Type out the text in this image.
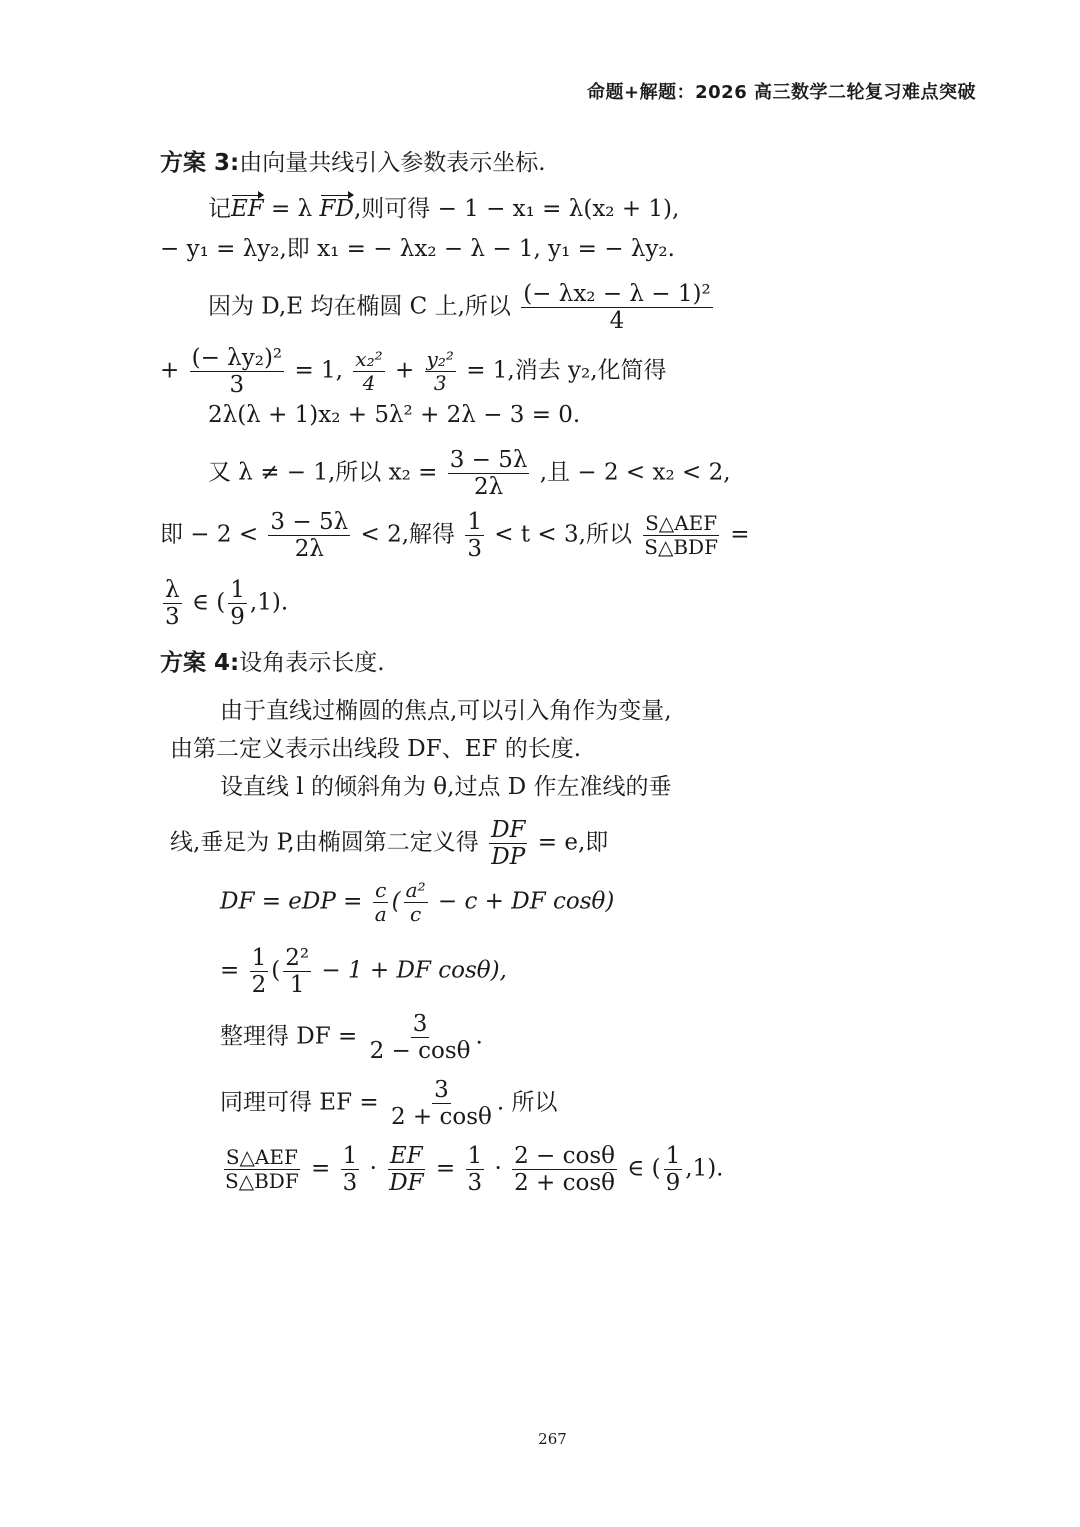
命题+解题：2026 高三数学二轮复习难点突破
方案 3:由向量共线引入参数表示坐标.
记EF = λ FD,则可得 − 1 − x₁ = λ(x₂ + 1),
− y₁ = λy₂,即 x₁ = − λx₂ − λ − 1, y₁ = − λy₂.
因为 D,E 均在椭圆 C 上,所以 $\frac{\text{(− λx₂ − λ − 1)²}}{4}$
+ $\frac{\text{(− λy₂)²}}{3} = 1$, $\frac{\text{x₂²}}{4} + \frac{\text{y₂²}}{3} = 1$,消去 y₂,化简得
2λ(λ + 1)x₂ + 5λ² + 2λ − 3 = 0.
又 λ ≠ − 1,所以 $x_2 = \frac{3 - 5\lambda}{2\lambda}$ ,且 − 2 < x₂ < 2,
即 − $2 < \frac{3 - 5\lambda}{2\lambda} < 2$,解得 $\frac{1}{3} < t < 3$,所以 $\frac{\text{S△AEF}}{\text{S△BDF}}$ =
$\frac{\lambda}{3}$ ∈ ( $\frac{1}{9} ,1$).
方案 4:设角表示长度.
由于直线过椭圆的焦点,可以引入角作为变量,
由第二定义表示出线段 DF、EF 的长度.
设直线 l 的倾斜角为 θ,过点 D 作左准线的垂
线,垂足为 P,由椭圆第二定义得 $\frac{DF}{DP} = e$,即
DF = eDP = $\frac{c}{a}$ ( $\frac{\text{a²}}{c} - c$ + DF cosθ)
= $\frac{1}{2}$ ( $\frac{\text{2²}}{1} - 1$ + DF cosθ),
整理得 DF = $\frac{3}{2 - \cos\theta}$ .
同理可得 EF = $\frac{3}{2 + \cos\theta}$ . 所以
$\frac{\text{S△AEF}}{\text{S△BDF}} = \frac{1}{3} \cdot \frac{EF}{DF} = \frac{1}{3} \cdot \frac{2 - \cos\theta}{2 + \cos\theta}$ ∈ ( $\frac{1}{9} ,1$).
267
